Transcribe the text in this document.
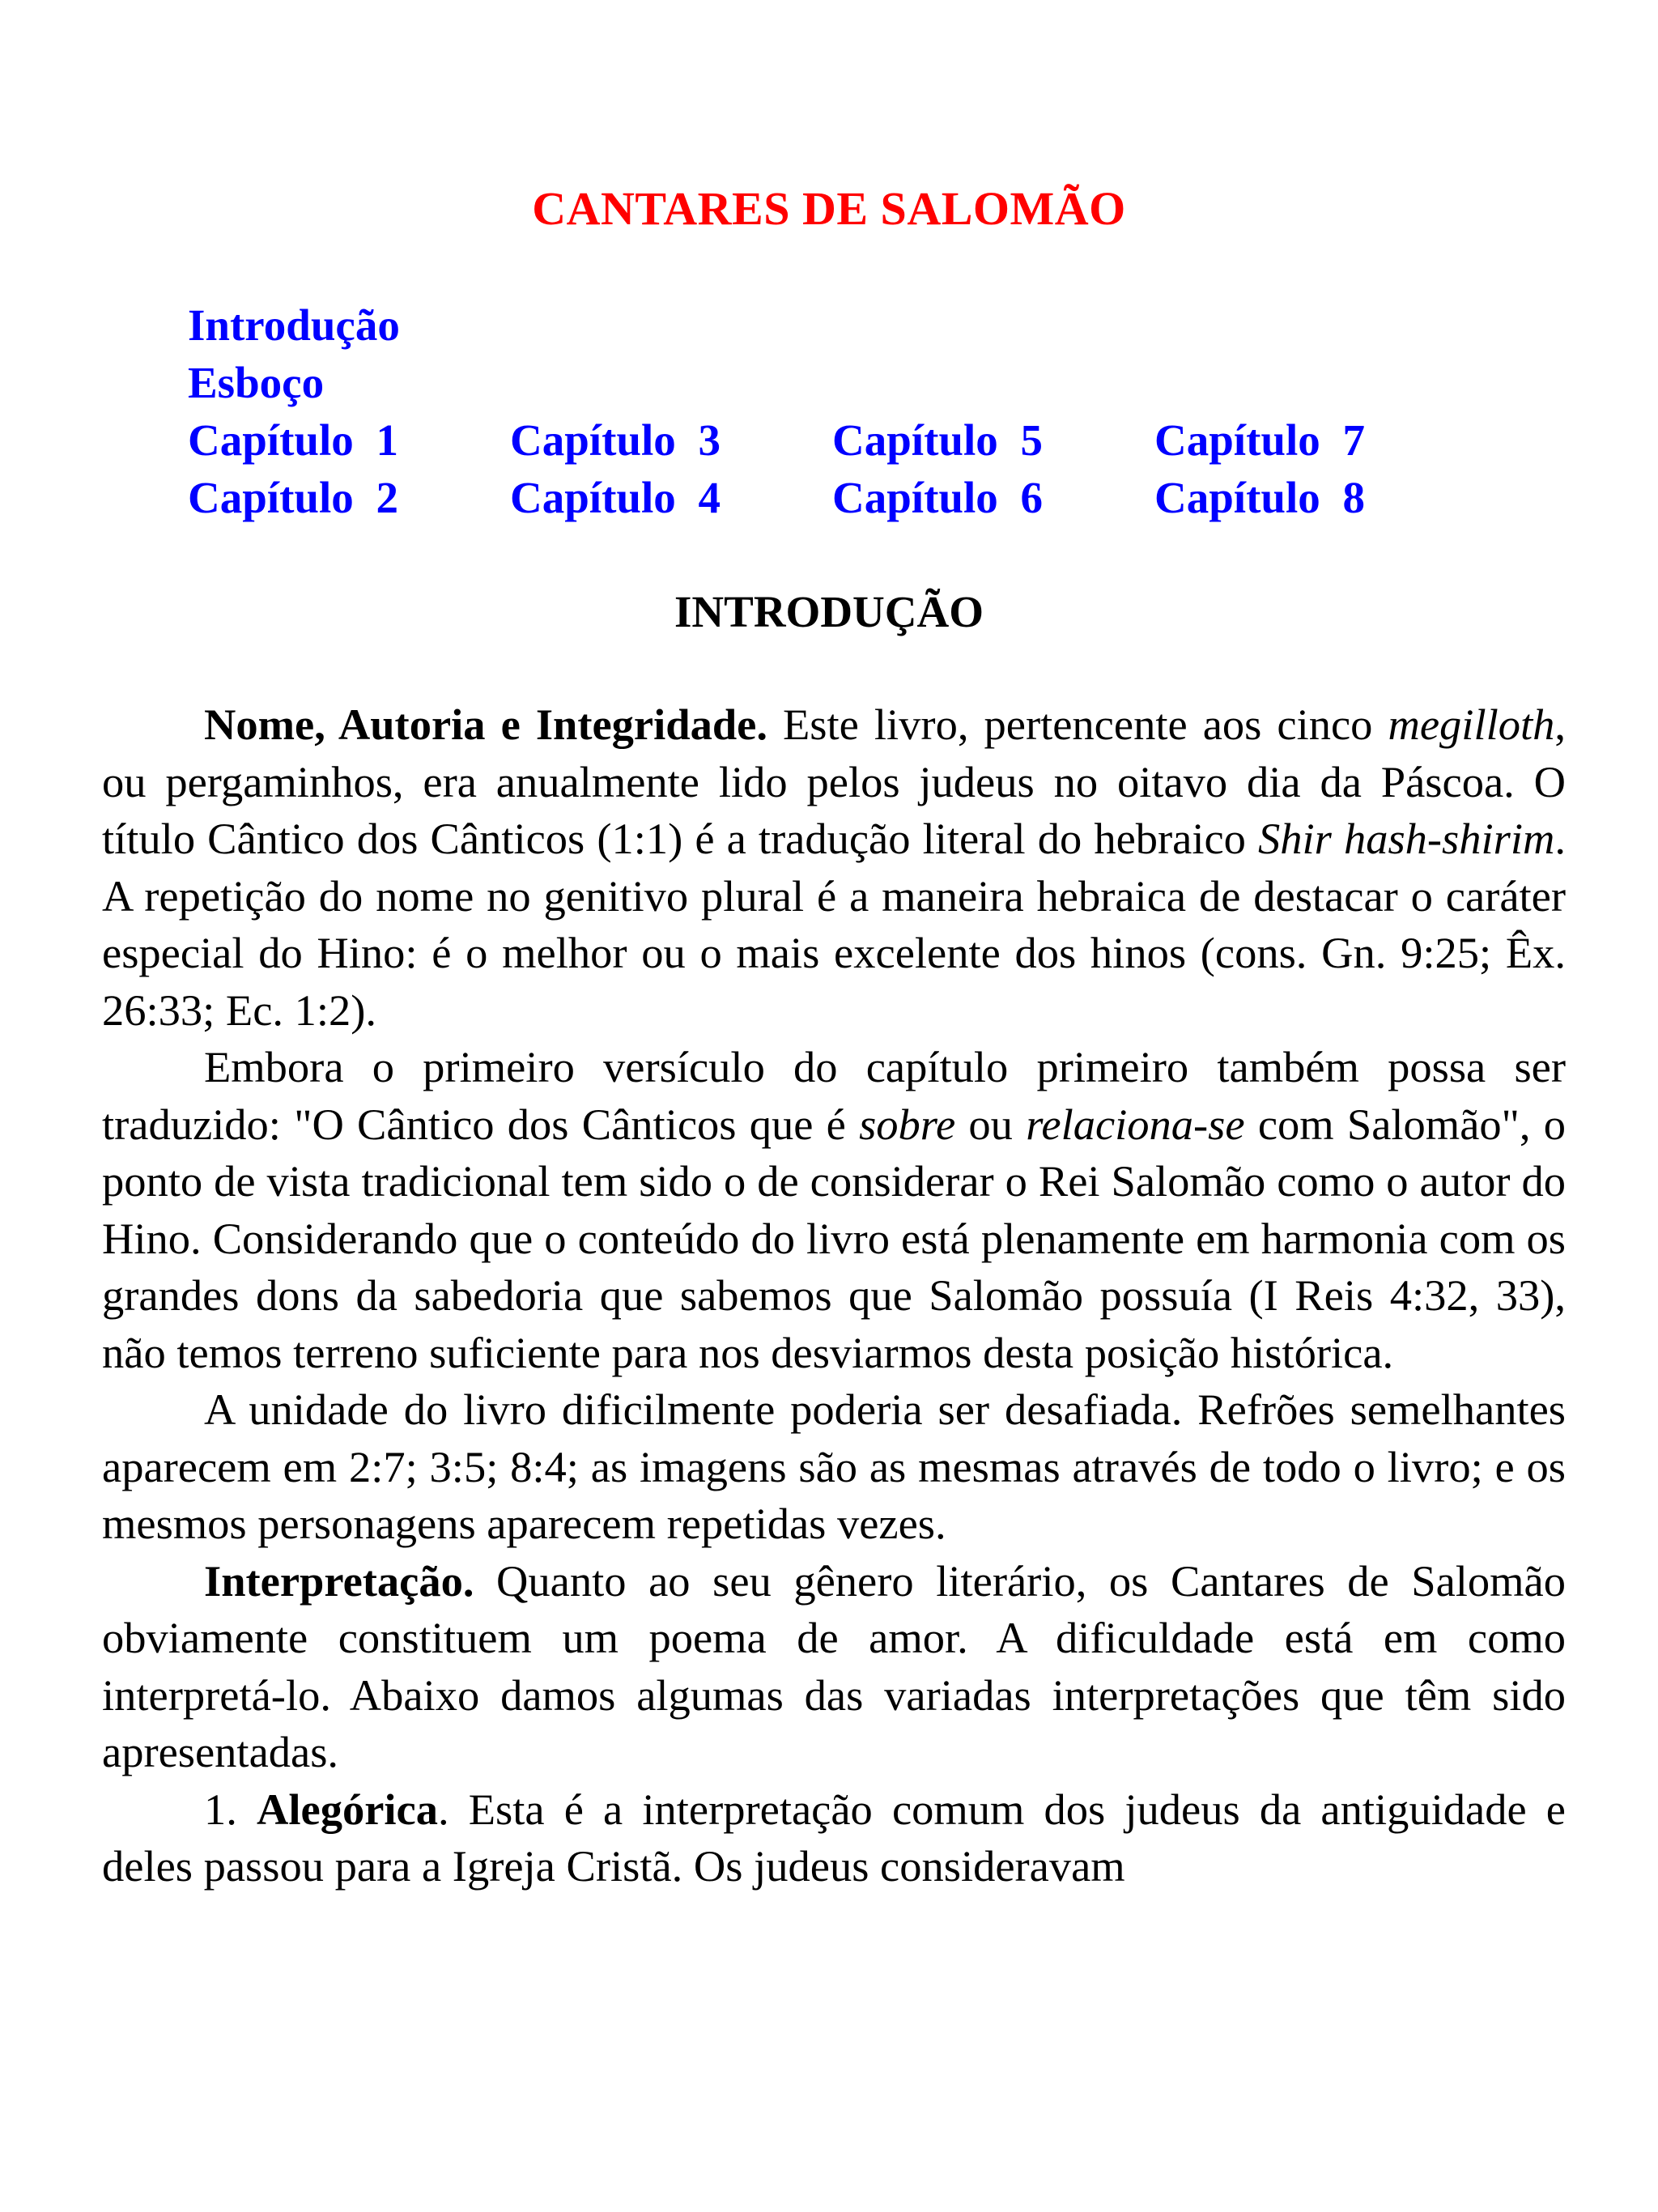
CANTARES DE SALOMÃO
Introdução
Esboço
Capítulo 1	Capítulo 3	Capítulo 5	Capítulo 7
Capítulo 2	Capítulo 4	Capítulo 6	Capítulo 8
INTRODUÇÃO

Nome, Autoria e Integridade. Este livro, pertencente aos cinco megilloth, ou pergaminhos, era anualmente lido pelos judeus no oitavo dia da Páscoa. O título Cântico dos Cânticos (1:1) é a tradução literal do hebraico Shir hash-shirim. A repetição do nome no genitivo plural é a maneira hebraica de destacar o caráter especial do Hino: é o melhor ou o mais excelente dos hinos (cons. Gn. 9:25; Êx. 26:33; Ec. 1:2).

Embora o primeiro versículo do capítulo primeiro também possa ser traduzido: "O Cântico dos Cânticos que é sobre ou relaciona-se com Salomão", o ponto de vista tradicional tem sido o de considerar o Rei Salomão como o autor do Hino. Considerando que o conteúdo do livro está plenamente em harmonia com os grandes dons da sabedoria que sabemos que Salomão possuía (I Reis 4:32, 33), não temos terreno suficiente para nos desviarmos desta posição histórica.

A unidade do livro dificilmente poderia ser desafiada. Refrões semelhantes aparecem em 2:7; 3:5; 8:4; as imagens são as mesmas através de todo o livro; e os mesmos personagens aparecem repetidas vezes.

Interpretação. Quanto ao seu gênero literário, os Cantares de Salomão obviamente constituem um poema de amor. A dificuldade está em como interpretá-lo. Abaixo damos algumas das variadas interpretações que têm sido apresentadas.

1. Alegórica. Esta é a interpretação comum dos judeus da antiguidade e deles passou para a Igreja Cristã. Os judeus consideravam
